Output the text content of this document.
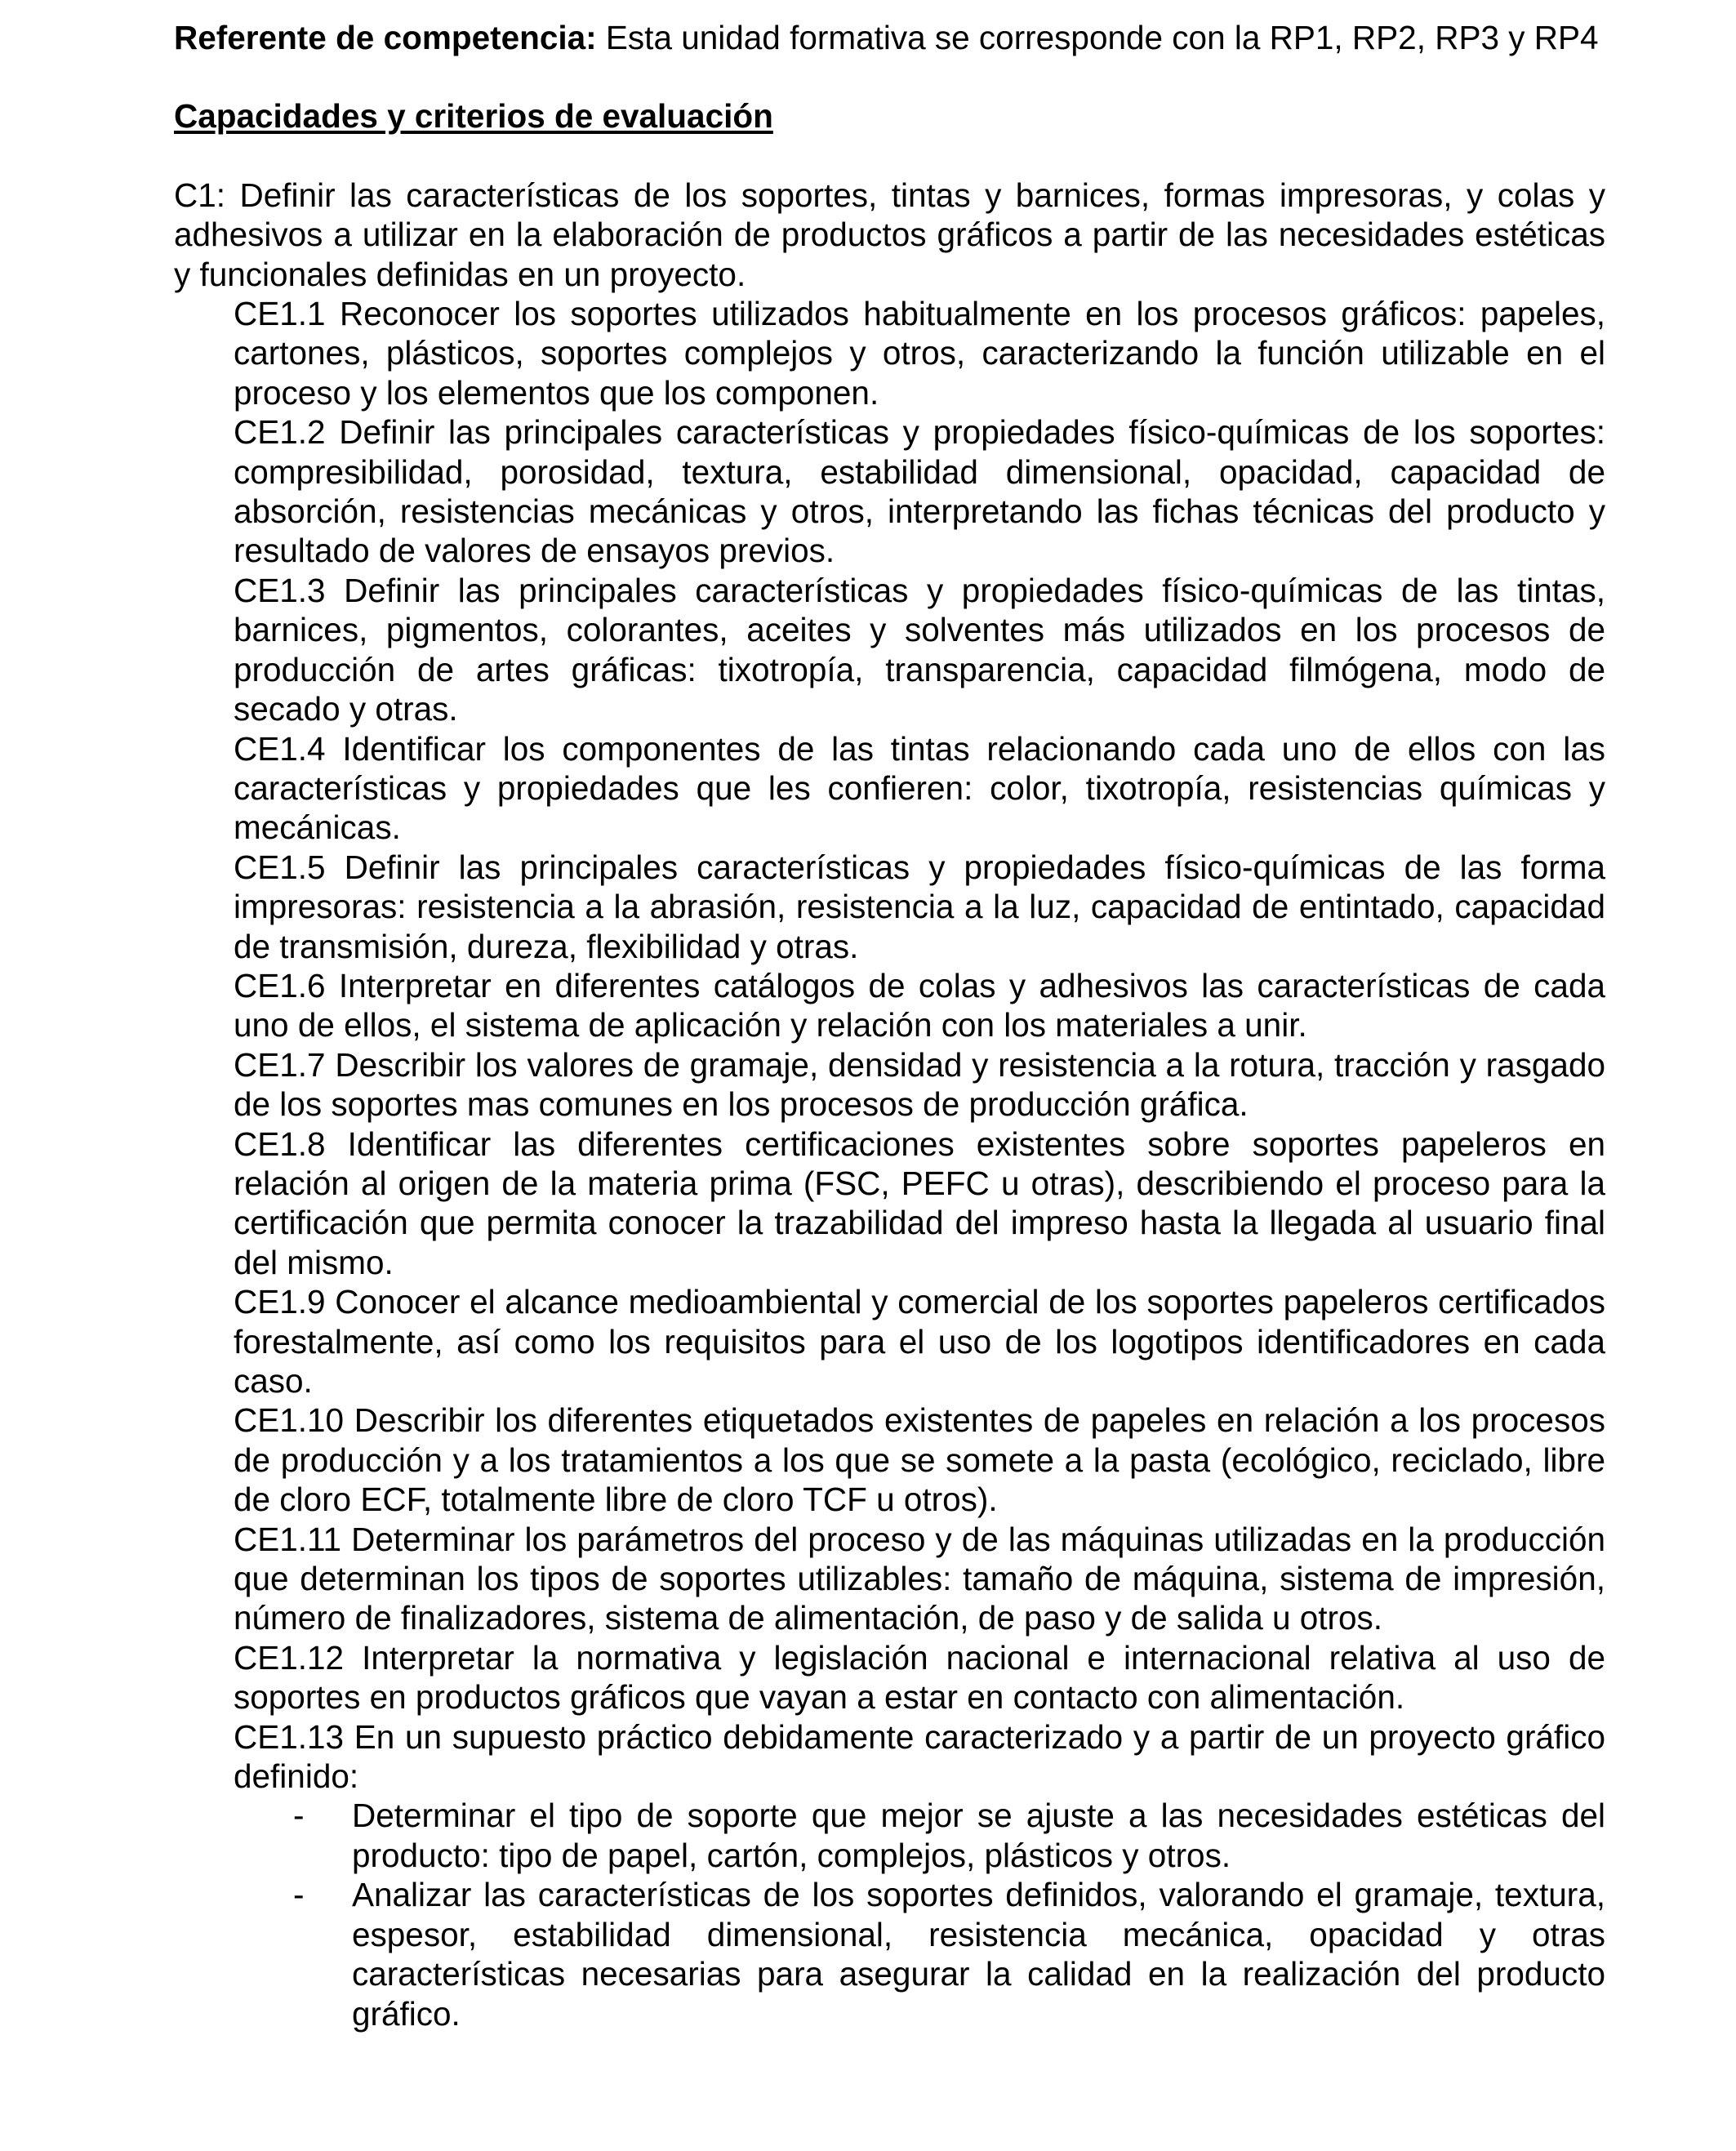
Referente de competencia: Esta unidad formativa se corresponde con la RP1, RP2, RP3 y RP4

Capacidades y criterios de evaluación

C1: Definir las características de los soportes, tintas y barnices, formas impresoras, y colas y adhesivos a utilizar en la elaboración de productos gráficos a partir de las necesidades estéticas y funcionales definidas en un proyecto.

CE1.1 Reconocer los soportes utilizados habitualmente en los procesos gráficos: papeles, cartones, plásticos, soportes complejos y otros, caracterizando la función utilizable en el proceso y los elementos que los componen.

CE1.2 Definir las principales características y propiedades físico-químicas de los soportes: compresibilidad, porosidad, textura, estabilidad dimensional, opacidad, capacidad de absorción, resistencias mecánicas y otros, interpretando las fichas técnicas del producto y resultado de valores de ensayos previos.

CE1.3 Definir las principales características y propiedades físico-químicas de las tintas, barnices, pigmentos, colorantes, aceites y solventes más utilizados en los procesos de producción de artes gráficas: tixotropía, transparencia, capacidad filmógena, modo de secado y otras.

CE1.4 Identificar los componentes de las tintas relacionando cada uno de ellos con las características y propiedades que les confieren: color, tixotropía, resistencias químicas y mecánicas.

CE1.5 Definir las principales características y propiedades físico-químicas de las forma impresoras: resistencia a la abrasión, resistencia a la luz, capacidad de entintado, capacidad de transmisión, dureza, flexibilidad y otras.

CE1.6 Interpretar en diferentes catálogos de colas y adhesivos las características de cada uno de ellos, el sistema de aplicación y relación con los materiales a unir.

CE1.7 Describir los valores de gramaje, densidad y resistencia a la rotura, tracción y rasgado de los soportes mas comunes en los procesos de producción gráfica.

CE1.8 Identificar las diferentes certificaciones existentes sobre soportes papeleros en relación al origen de la materia prima (FSC, PEFC u otras), describiendo el proceso para la certificación que permita conocer la trazabilidad del impreso hasta la llegada al usuario final del mismo.

CE1.9 Conocer el alcance medioambiental y comercial de los soportes papeleros certificados forestalmente, así como los requisitos para el uso de los logotipos identificadores en cada caso.

CE1.10 Describir los diferentes etiquetados existentes de papeles en relación a los procesos de producción y a los tratamientos a los que se somete a la pasta (ecológico, reciclado, libre de cloro ECF, totalmente libre de cloro TCF u otros).

CE1.11 Determinar los parámetros del proceso y de las máquinas utilizadas en la producción que determinan los tipos de soportes utilizables: tamaño de máquina, sistema de impresión, número de finalizadores, sistema de alimentación, de paso y de salida u otros.

CE1.12 Interpretar la normativa y legislación nacional e internacional relativa al uso de soportes en productos gráficos que vayan a estar en contacto con alimentación.

CE1.13 En un supuesto práctico debidamente caracterizado y a partir de un proyecto gráfico definido:

- Determinar el tipo de soporte que mejor se ajuste a las necesidades estéticas del producto: tipo de papel, cartón, complejos, plásticos y otros.
- Analizar las características de los soportes definidos, valorando el gramaje, textura, espesor, estabilidad dimensional, resistencia mecánica, opacidad y otras características necesarias para asegurar la calidad en la realización del producto gráfico.
